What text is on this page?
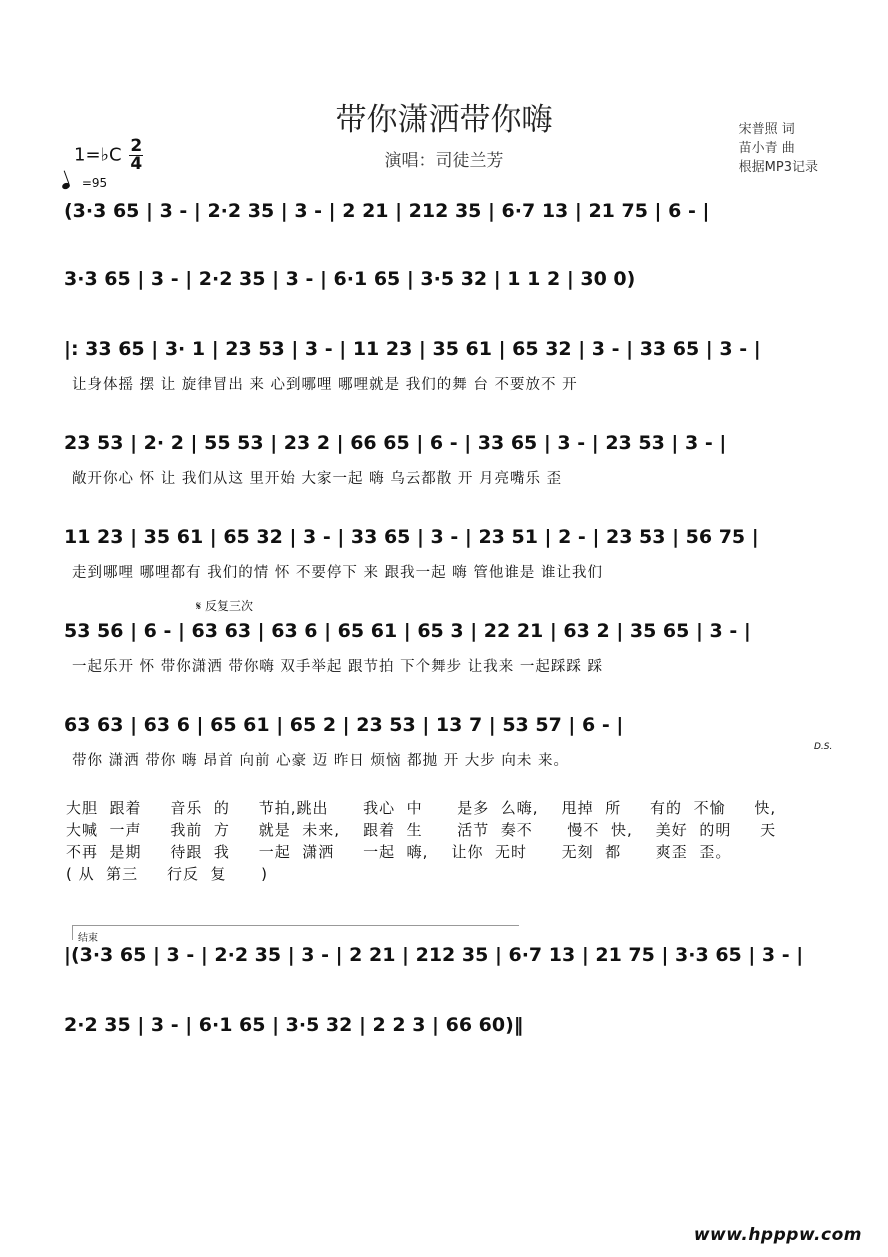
带你潇洒带你嗨
演唱：司徒兰芳
宋普照 词
苗小青 曲
根据MP3记录
1=♭C $\frac{2}{4}$
=95
(3·3 65 | 3 - | 2·2 35 | 3 - | 2 21 | 212 35 | 6·7 13 | 21 75 | 6 - |
3·3 65 | 3 - | 2·2 35 | 3 - | 6·1 65 | 3·5 32 | 1 1 2 | 30 0)
|: 33 65 | 3· 1 | 23 53 | 3 - | 11 23 | 35 61 | 65 32 | 3 - | 33 65 | 3 - |
让身体摇 摆 让 旋律冒出 来 心到哪哩 哪哩就是 我们的舞 台 不要放不 开
23 53 | 2· 2 | 55 53 | 23 2 | 66 65 | 6 - | 33 65 | 3 - | 23 53 | 3 - |
敞开你心 怀 让 我们从这 里开始 大家一起 嗨 乌云都散 开 月亮嘴乐 歪
11 23 | 35 61 | 65 32 | 3 - | 33 65 | 3 - | 23 51 | 2 - | 23 53 | 56 75 |
走到哪哩 哪哩都有 我们的情 怀 不要停下 来 跟我一起 嗨 管他谁是 谁让我们
𝄋 反复三次
53 56 | 6 - | 63 63 | 63 6 | 65 61 | 65 3 | 22 21 | 63 2 | 35 65 | 3 - |
一起乐开 怀 带你潇洒 带你嗨 双手举起 跟节拍 下个舞步 让我来 一起踩踩 踩
63 63 | 63 6 | 65 61 | 65 2 | 23 53 | 13 7 | 53 57 | 6 - |
D.S.
带你 潇洒 带你 嗨 昂首 向前 心豪 迈 昨日 烦恼 都抛 开 大步 向未 来。
大胆  跟着     音乐  的     节拍,跳出      我心  中      是多  么嗨,    甩掉  所     有的  不愉     快,
大喊  一声     我前  方     就是  未来,    跟着  生      活节  奏不      慢不  快,    美好  的明     天
不再  是期     待跟  我     一起  潇洒     一起  嗨,    让你  无时      无刻  都      爽歪  歪。
( 从  第三     行反  复      )
结束
|(3·3 65 | 3 - | 2·2 35 | 3 - | 2 21 | 212 35 | 6·7 13 | 21 75 | 3·3 65 | 3 - |
2·2 35 | 3 - | 6·1 65 | 3·5 32 | 2 2 3 | 66 60)‖
www.hpppw.com
